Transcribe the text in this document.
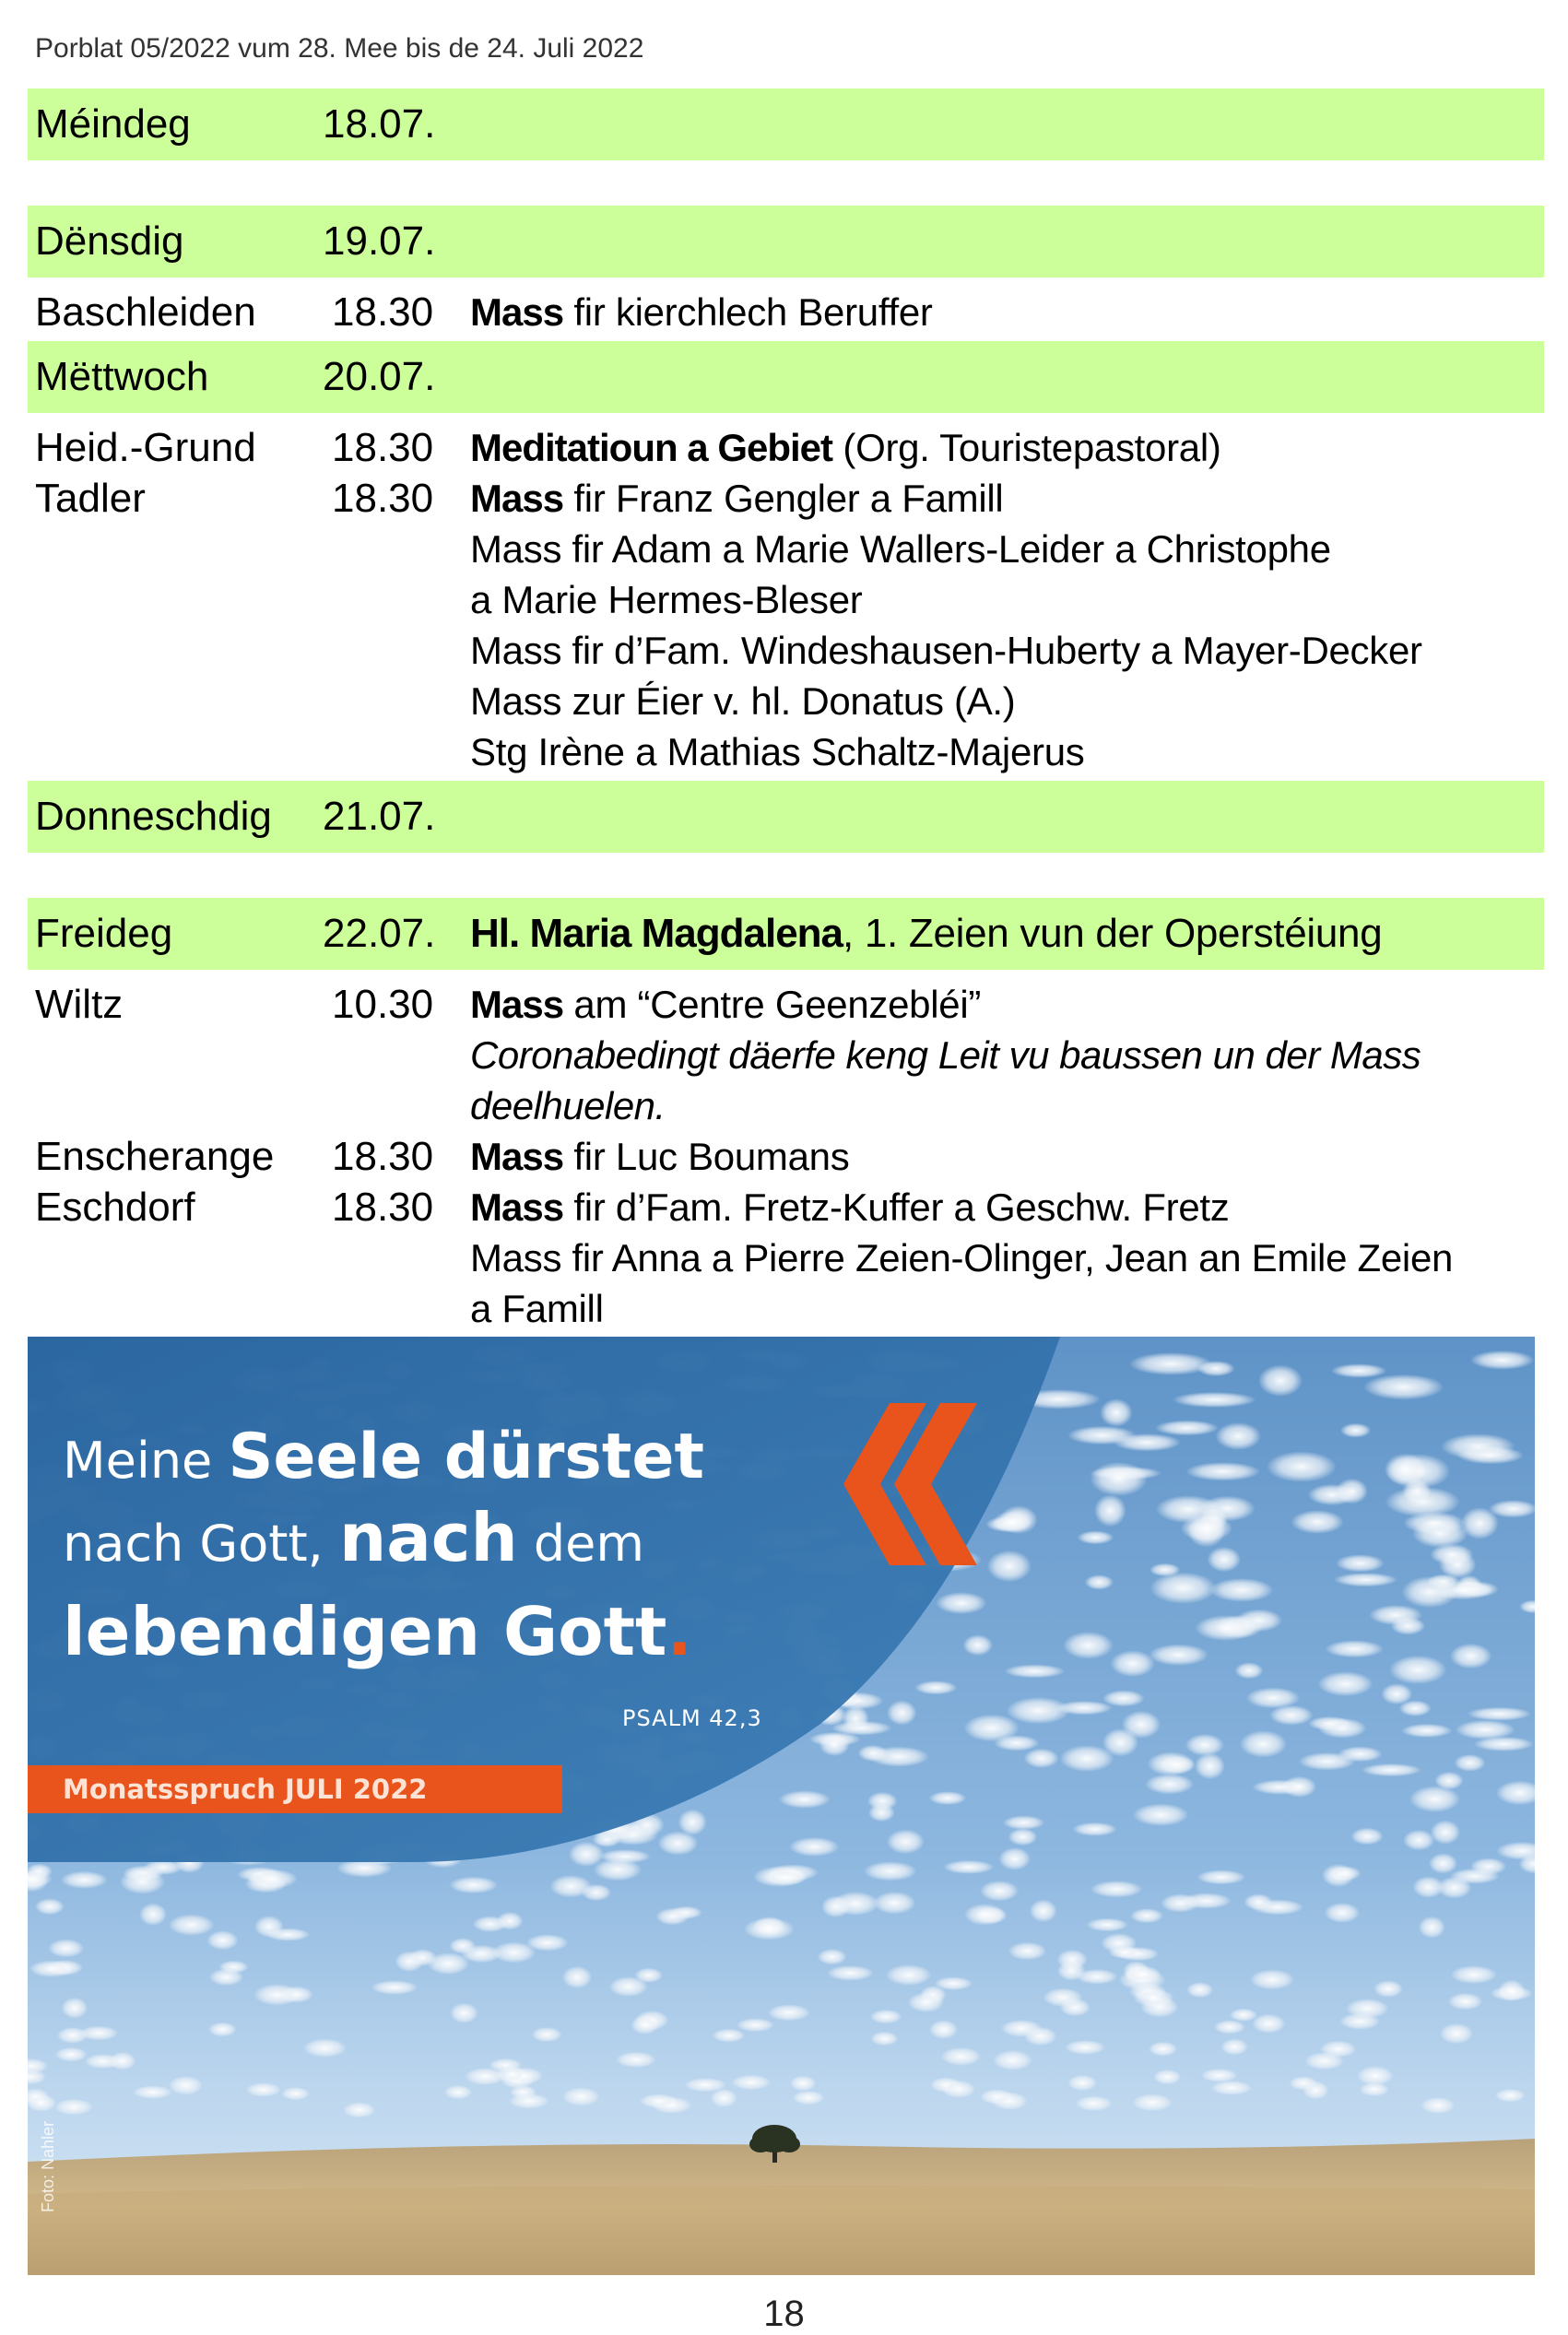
Porblat 05/2022 vum 28. Mee bis de 24. Juli 2022
Méindeg	18.07.
Dënsdig	19.07.
Baschleiden 18.30 Mass fir kierchlech Beruffer
Mëttwoch	20.07.
Heid.-Grund 18.30 Meditatioun a Gebiet (Org. Touristepastoral)
Tadler	18.30 Mass fir Franz Gengler a Famill
Mass fir Adam a Marie Wallers-Leider a Christophe
a Marie Hermes-Bleser
Mass fir d’Fam. Windeshausen-Huberty a Mayer-Decker
Mass zur Éier v. hl. Donatus (A.)
Stg Irène a Mathias Schaltz-Majerus
Donneschdig 21.07.
Freideg	22.07. Hl. Maria Magdalena, 1. Zeien vun der Operstéiung
Wiltz	10.30 Mass am “Centre Geenzebléi”
Coronabedingt däerfe keng Leit vu baussen un der Mass deelhuelen.
Enscherange 18.30 Mass fir Luc Boumans
Eschdorf	18.30 Mass fir d’Fam. Fretz-Kuffer a Geschw. Fretz
Mass fir Anna a Pierre Zeien-Olinger, Jean an Emile Zeien
a Famill
Meine Seele dürstet
nach Gott, nach dem
lebendigen Gott.
PSALM 42,3
Monatsspruch JULI 2022
Foto: Nahler
18
